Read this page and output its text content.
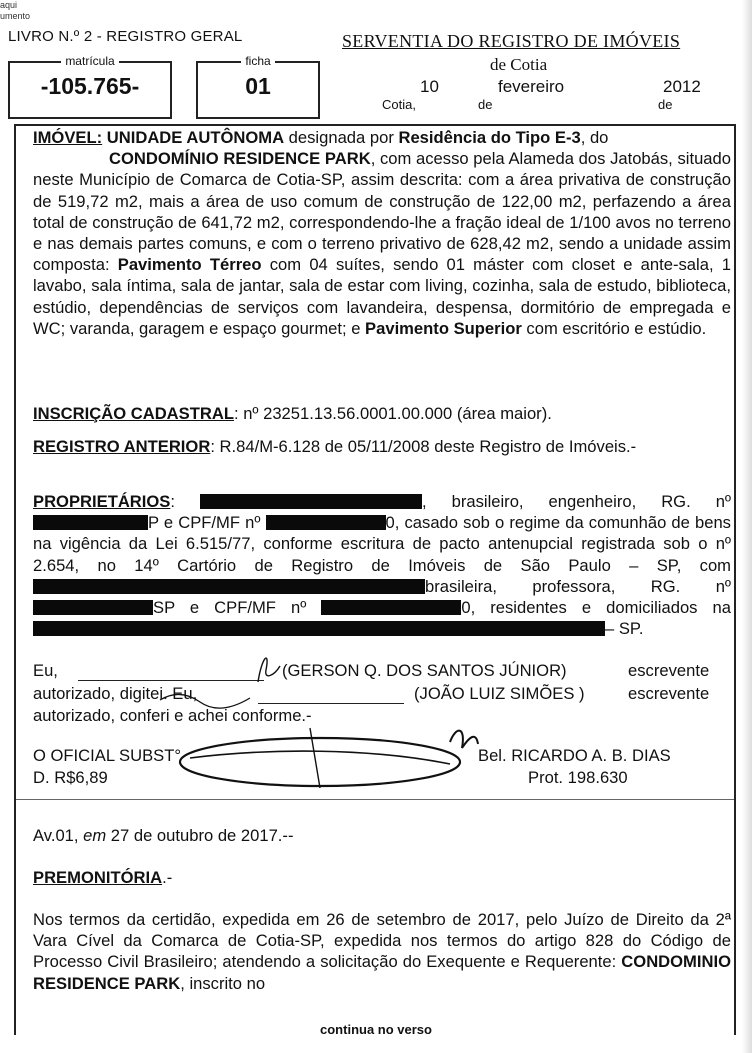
aqui
umento
LIVRO N.º 2 - REGISTRO GERAL	SERVENTIA DO REGISTRO DE IMÓVEIS
de Cotia
matrícula
-105.765-
ficha
01	10	fevereiro	2012
Cotia,	de	de
IMÓVEL: UNIDADE AUTÔNOMA designada por Residência do Tipo E-3, do
CONDOMÍNIO RESIDENCE PARK, com acesso pela Alameda dos Jatobás, situado neste Município de Comarca de Cotia-SP, assim descrita: com a área privativa de construção de 519,72 m2, mais a área de uso comum de construção de 122,00 m2, perfazendo a área total de construção de 641,72 m2, correspondendo-lhe a fração ideal de 1/100 avos no terreno e nas demais partes comuns, e com o terreno privativo de 628,42 m2, sendo a unidade assim composta: Pavimento Térreo com 04 suítes, sendo 01 máster com closet e ante-sala, 1 lavabo, sala íntima, sala de jantar, sala de estar com living, cozinha, sala de estudo, biblioteca, estúdio, dependências de serviços com lavandeira, despensa, dormitório de empregada e WC; varanda, garagem e espaço gourmet; e Pavimento Superior com escritório e estúdio.
INSCRIÇÃO CADASTRAL: nº 23251.13.56.0001.00.000 (área maior).
REGISTRO ANTERIOR: R.84/M-6.128 de 05/11/2008 deste Registro de Imóveis.-
PROPRIETÁRIOS:	, brasileiro, engenheiro, RG. nº P e CPF/MF nº	0, casado sob o regime da comunhão de bens na vigência da Lei 6.515/77, conforme escritura de pacto antenupcial registrada sob o nº 2.654, no 14º Cartório de Registro de Imóveis de São Paulo – SP, com brasileira, professora, RG. nº SP e CPF/MF nº	0, residentes e domiciliados na – SP.
Eu,	(GERSON Q. DOS SANTOS JÚNIOR)	escrevente
autorizado, digitei. Eu,	(JOÃO LUIZ SIMÕES )	escrevente
autorizado, conferi e achei conforme.-
O OFICIAL SUBST°	Bel. RICARDO A. B. DIAS
D. R$6,89	Prot. 198.630
Av.01, em 27 de outubro de 2017.--
PREMONITÓRIA.-
Nos termos da certidão, expedida em 26 de setembro de 2017, pelo Juízo de Direito da 2ª Vara Cível da Comarca de Cotia-SP, expedida nos termos do artigo 828 do Código de Processo Civil Brasileiro; atendendo a solicitação do Exequente e Requerente: CONDOMINIO RESIDENCE PARK, inscrito no
continua no verso
